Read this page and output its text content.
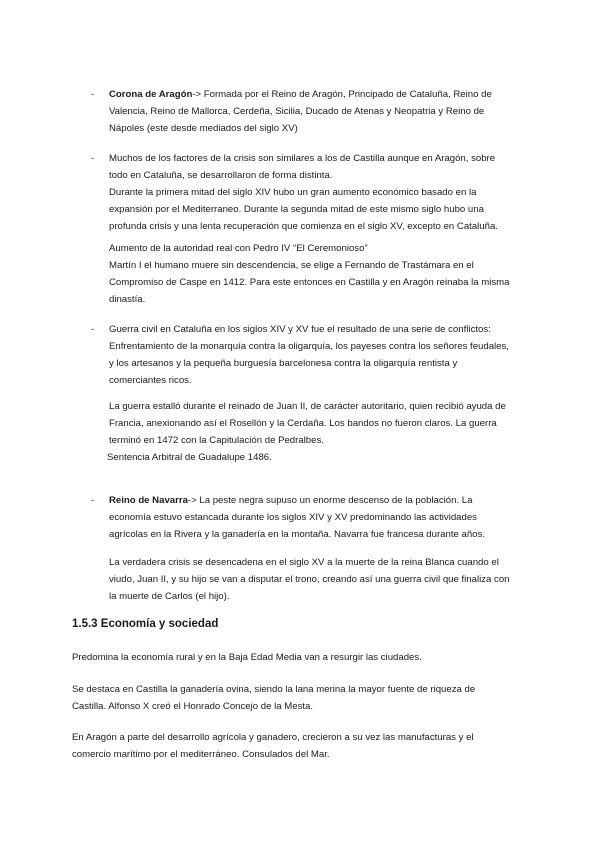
- Corona de Aragón-> Formada por el Reino de Aragón, Principado de Cataluña, Reino de

Valencia, Reino de Mallorca, Cerdeña, Sicilia, Ducado de Atenas y Neopatria y Reino de

Nápoles (este desde mediados del siglo XV)

- Muchos de los factores de la crisis son similares a los de Castilla aunque en Aragón, sobre

todo en Cataluña, se desarrollaron de forma distinta.

Durante la primera mitad del siglo XIV hubo un gran aumento económico basado en la

expansión por el Mediterraneo. Durante la segunda mitad de este mismo siglo hubo una

profunda crisis y una lenta recuperación que comienza en el siglo XV, excepto en Cataluña.

Aumento de la autoridad real con Pedro IV “El Ceremonioso”

Martín I el humano muere sin descendencia, se elige a Fernando de Trastámara en el

Compromiso de Caspe en 1412. Para este entonces en Castilla y en Aragón reinaba la misma

dinastía.

- Guerra civil en Cataluña en los siglos XIV y XV fue el resultado de una serie de conflictos:

Enfrentamiento de la monarquía contra la oligarquía, los payeses contra los señores feudales,

y los artesanos y la pequeña burguesía barcelonesa contra la oligarquía rentista y

comerciantes ricos.

La guerra estalló durante el reinado de Juan II, de carácter autoritario, quien recibió ayuda de

Francia, anexionando así el Rosellón y la Cerdaña. Los bandos no fueron claros. La guerra

terminó en 1472 con la Capitulación de Pedralbes.

Sentencia Arbitral de Guadalupe 1486.

- Reino de Navarra-> La peste negra supuso un enorme descenso de la población. La

economía estuvo estancada durante los siglos XIV y XV predominando las actividades

agrícolas en la Rivera y la ganadería en la montaña. Navarra fue francesa durante años.

La verdadera crisis se desencadena en el siglo XV a la muerte de la reina Blanca cuando el

viudo, Juan II, y su hijo se van a disputar el trono, creando así una guerra civil que finaliza con

la muerte de Carlos (el hijo).

1.5.3 Economía y sociedad

Predomina la economía rural y en la Baja Edad Media van a resurgir las ciudades.

Se destaca en Castilla la ganadería ovina, siendo la lana merina la mayor fuente de riqueza de

Castilla. Alfonso X creó el Honrado Concejo de la Mesta.

En Aragón a parte del desarrollo agrícola y ganadero, crecieron a su vez las manufacturas y el

comercio marítimo por el mediterráneo. Consulados del Mar.
